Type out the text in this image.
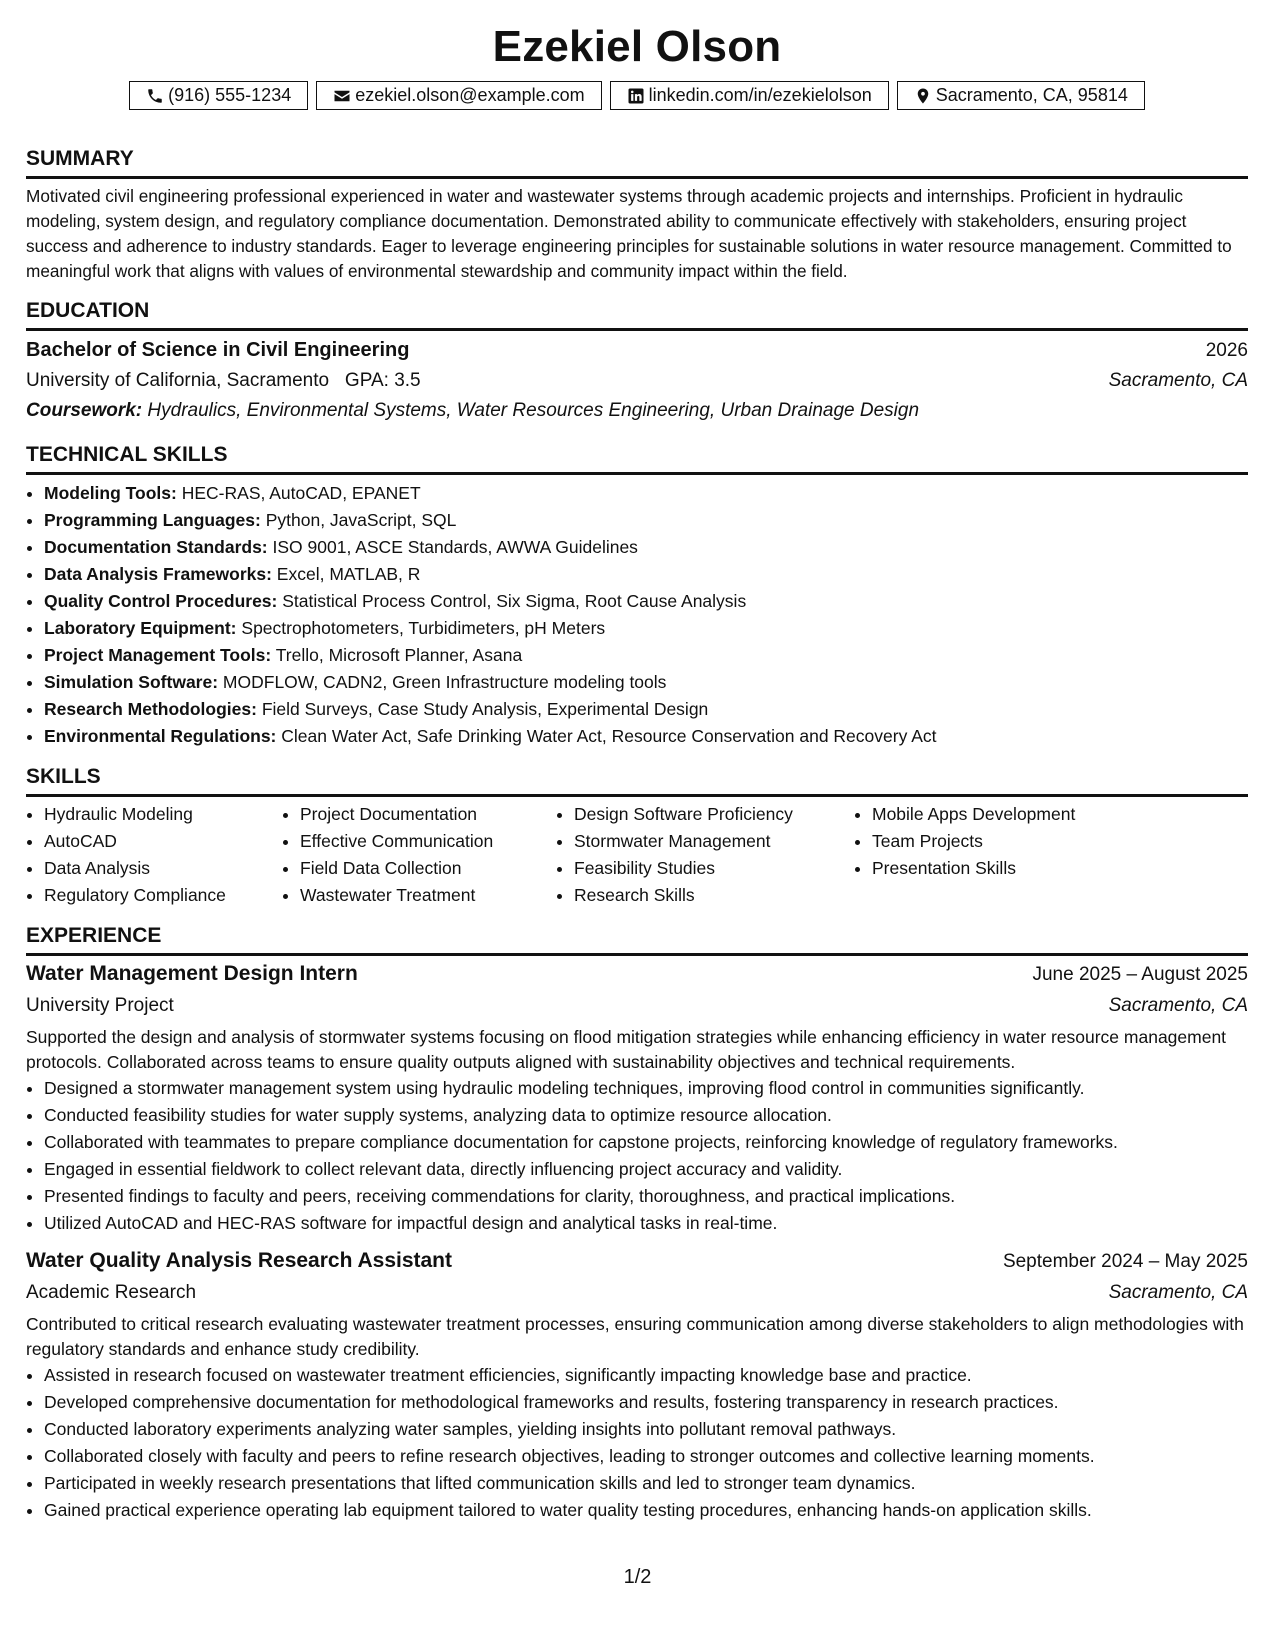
Ezekiel Olson
(916) 555-1234	ezekiel.olson@example.com	linkedin.com/in/ezekielolson	Sacramento, CA, 95814
SUMMARY

Motivated civil engineering professional experienced in water and wastewater systems through academic projects and internships. Proficient in hydraulic modeling, system design, and regulatory compliance documentation. Demonstrated ability to communicate effectively with stakeholders, ensuring project success and adherence to industry standards. Eager to leverage engineering principles for sustainable solutions in water resource management. Committed to meaningful work that aligns with values of environmental stewardship and community impact within the field.

EDUCATION
Bachelor of Science in Civil Engineering	2026
University of California, Sacramento GPA: 3.5	Sacramento, CA
Coursework: Hydraulics, Environmental Systems, Water Resources Engineering, Urban Drainage Design
TECHNICAL SKILLS
• Modeling Tools: HEC-RAS, AutoCAD, EPANET
• Programming Languages: Python, JavaScript, SQL
• Documentation Standards: ISO 9001, ASCE Standards, AWWA Guidelines
• Data Analysis Frameworks: Excel, MATLAB, R
• Quality Control Procedures: Statistical Process Control, Six Sigma, Root Cause Analysis
• Laboratory Equipment: Spectrophotometers, Turbidimeters, pH Meters
• Project Management Tools: Trello, Microsoft Planner, Asana
• Simulation Software: MODFLOW, CADN2, Green Infrastructure modeling tools
• Research Methodologies: Field Surveys, Case Study Analysis, Experimental Design
• Environmental Regulations: Clean Water Act, Safe Drinking Water Act, Resource Conservation and Recovery Act
SKILLS
• Hydraulic Modeling
• AutoCAD
• Data Analysis
• Regulatory Compliance
• Project Documentation
• Effective Communication
• Field Data Collection
• Wastewater Treatment
• Design Software Proficiency
• Stormwater Management
• Feasibility Studies
• Research Skills
• Mobile Apps Development
• Team Projects
• Presentation Skills
EXPERIENCE
Water Management Design Intern	June 2025 – August 2025
University Project	Sacramento, CA

Supported the design and analysis of stormwater systems focusing on flood mitigation strategies while enhancing efficiency in water resource management protocols. Collaborated across teams to ensure quality outputs aligned with sustainability objectives and technical requirements.

• Designed a stormwater management system using hydraulic modeling techniques, improving flood control in communities significantly.
• Conducted feasibility studies for water supply systems, analyzing data to optimize resource allocation.
• Collaborated with teammates to prepare compliance documentation for capstone projects, reinforcing knowledge of regulatory frameworks.
• Engaged in essential fieldwork to collect relevant data, directly influencing project accuracy and validity.
• Presented findings to faculty and peers, receiving commendations for clarity, thoroughness, and practical implications.
• Utilized AutoCAD and HEC-RAS software for impactful design and analytical tasks in real-time.
Water Quality Analysis Research Assistant	September 2024 – May 2025
Academic Research	Sacramento, CA

Contributed to critical research evaluating wastewater treatment processes, ensuring communication among diverse stakeholders to align methodologies with regulatory standards and enhance study credibility.

• Assisted in research focused on wastewater treatment efficiencies, significantly impacting knowledge base and practice.
• Developed comprehensive documentation for methodological frameworks and results, fostering transparency in research practices.
• Conducted laboratory experiments analyzing water samples, yielding insights into pollutant removal pathways.
• Collaborated closely with faculty and peers to refine research objectives, leading to stronger outcomes and collective learning moments.
• Participated in weekly research presentations that lifted communication skills and led to stronger team dynamics.
• Gained practical experience operating lab equipment tailored to water quality testing procedures, enhancing hands-on application skills.
1/2
